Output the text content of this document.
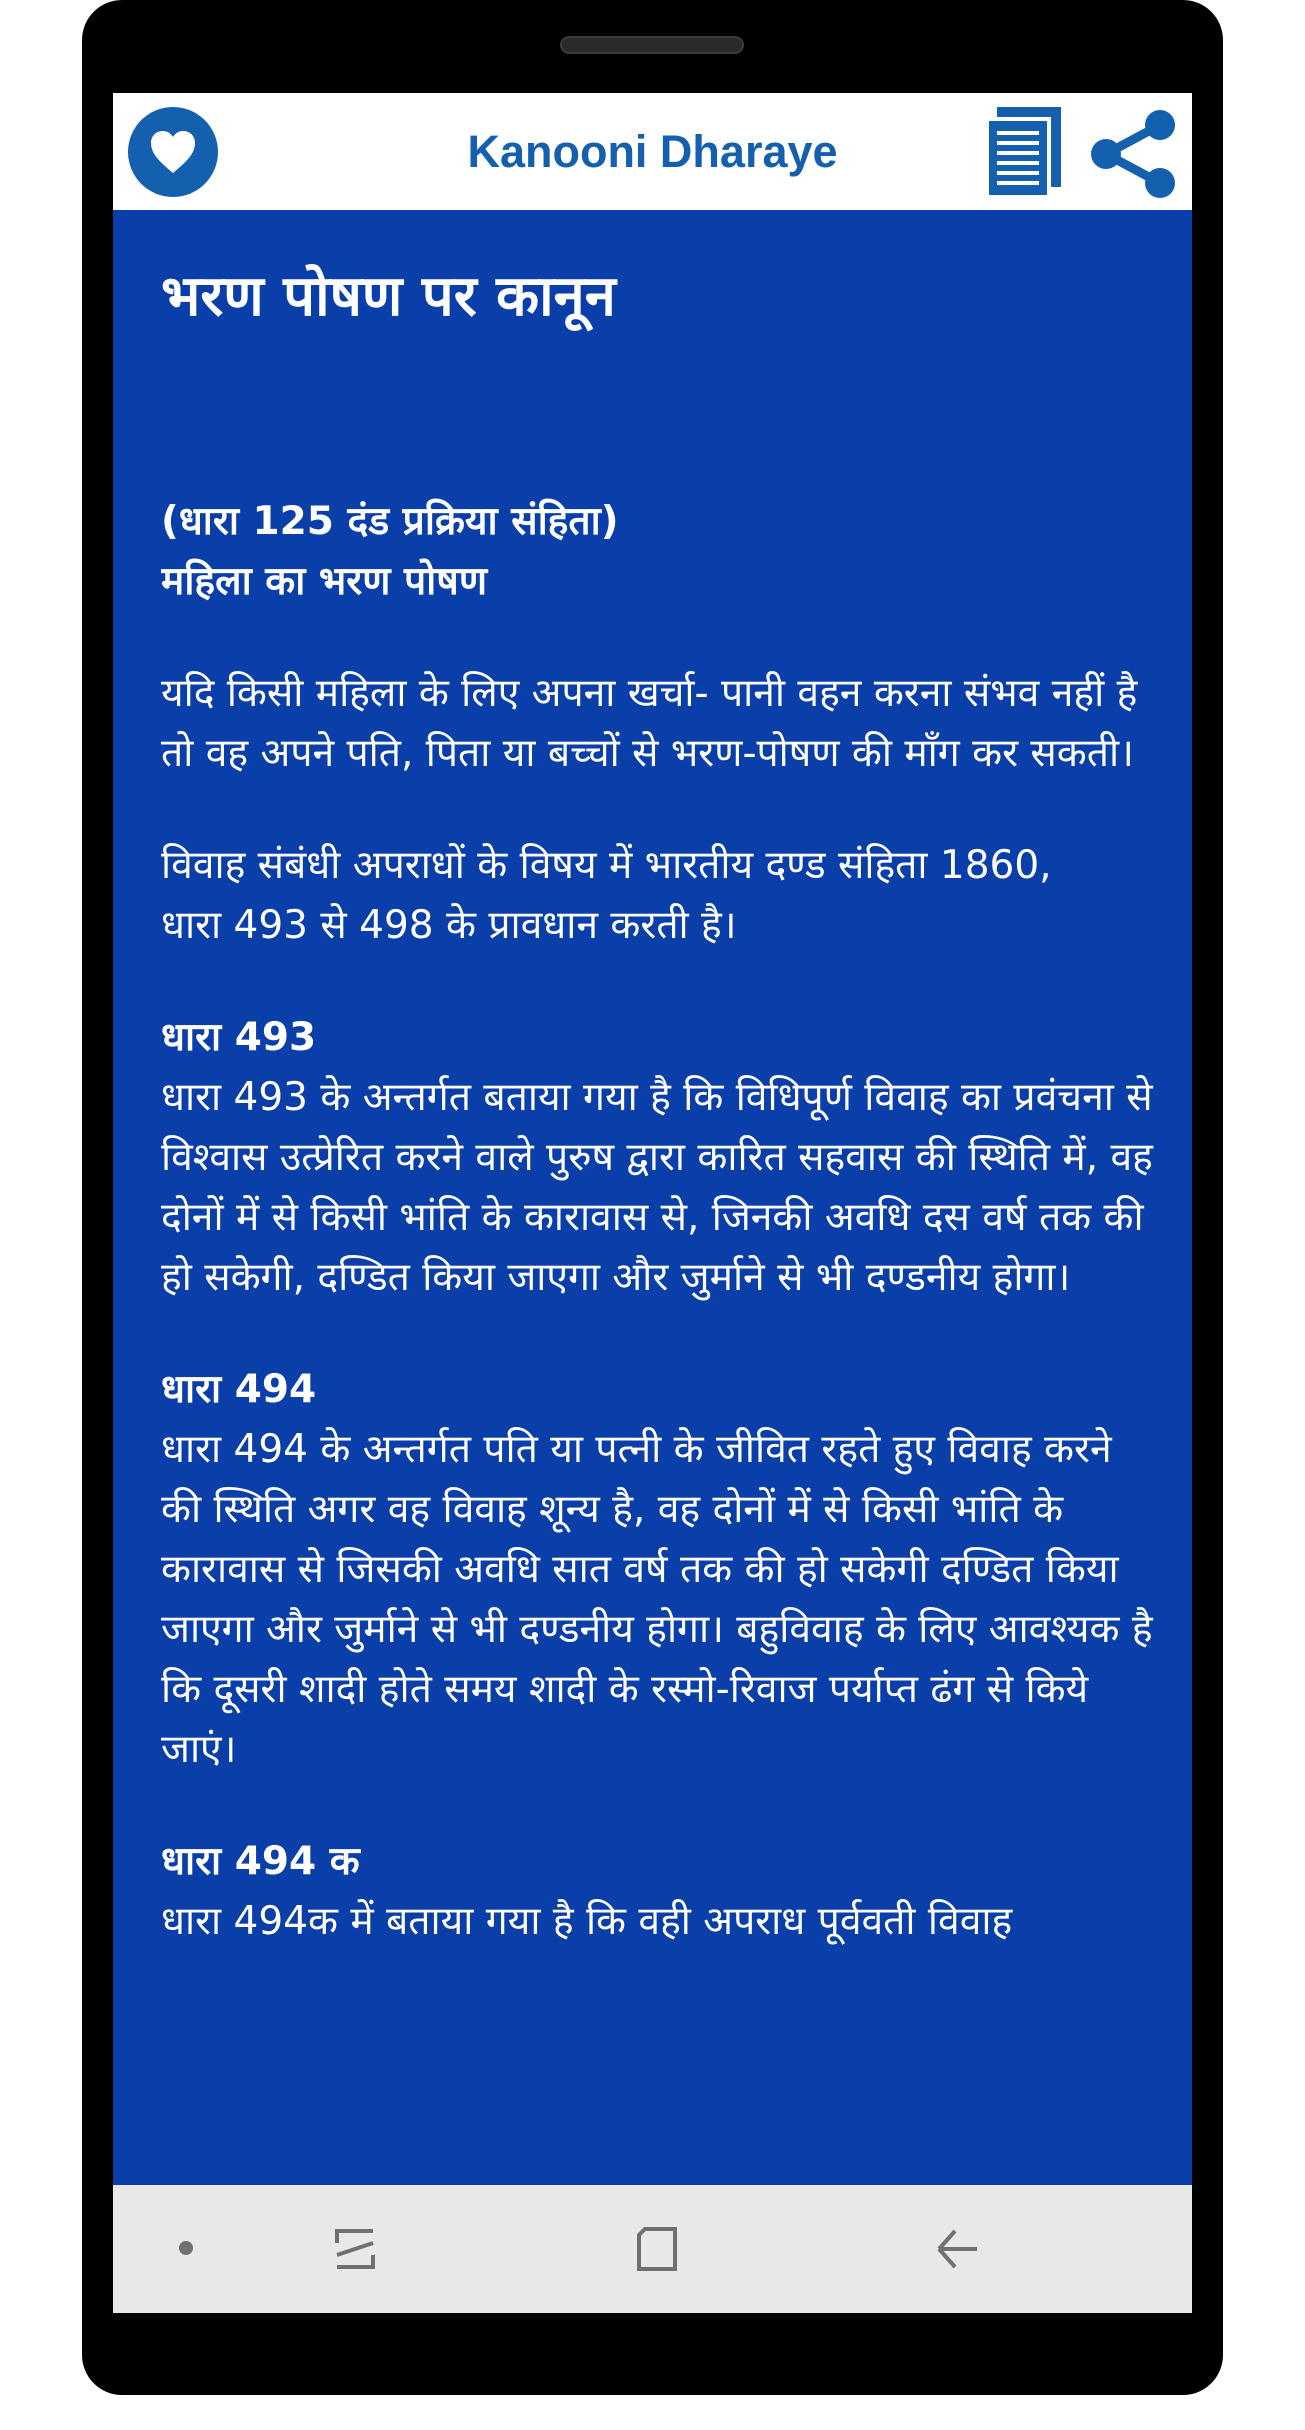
Kanooni Dharaye
भरण पोषण पर कानून
(धारा 125 दंड प्रक्रिया संहिता)
महिला का भरण पोषण
यदि किसी महिला के लिए अपना खर्चा- पानी वहन करना संभव नहीं है तो वह अपने पति, पिता या बच्चों से भरण-पोषण की माँग कर सकती।
विवाह संबंधी अपराधों के विषय में भारतीय दण्ड संहिता 1860,
धारा 493 से 498 के प्रावधान करती है।
धारा 493
धारा 493 के अन्तर्गत बताया गया है कि विधिपूर्ण विवाह का प्रवंचना से विश्वास उत्प्रेरित करने वाले पुरुष द्वारा कारित सहवास की स्थिति में, वह दोनों में से किसी भांति के कारावास से, जिनकी अवधि दस वर्ष तक की हो सकेगी, दण्डित किया जाएगा और जुर्माने से भी दण्डनीय होगा।
धारा 494
धारा 494 के अन्तर्गत पति या पत्नी के जीवित रहते हुए विवाह करने की स्थिति अगर वह विवाह शून्य है, वह दोनों में से किसी भांति के कारावास से जिसकी अवधि सात वर्ष तक की हो सकेगी दण्डित किया जाएगा और जुर्माने से भी दण्डनीय होगा। बहुविवाह के लिए आवश्यक है कि दूसरी शादी होते समय शादी के रस्मो-रिवाज पर्याप्त ढंग से किये जाएं।
धारा 494 क
धारा 494क में बताया गया है कि वही अपराध पूर्ववती विवाह
